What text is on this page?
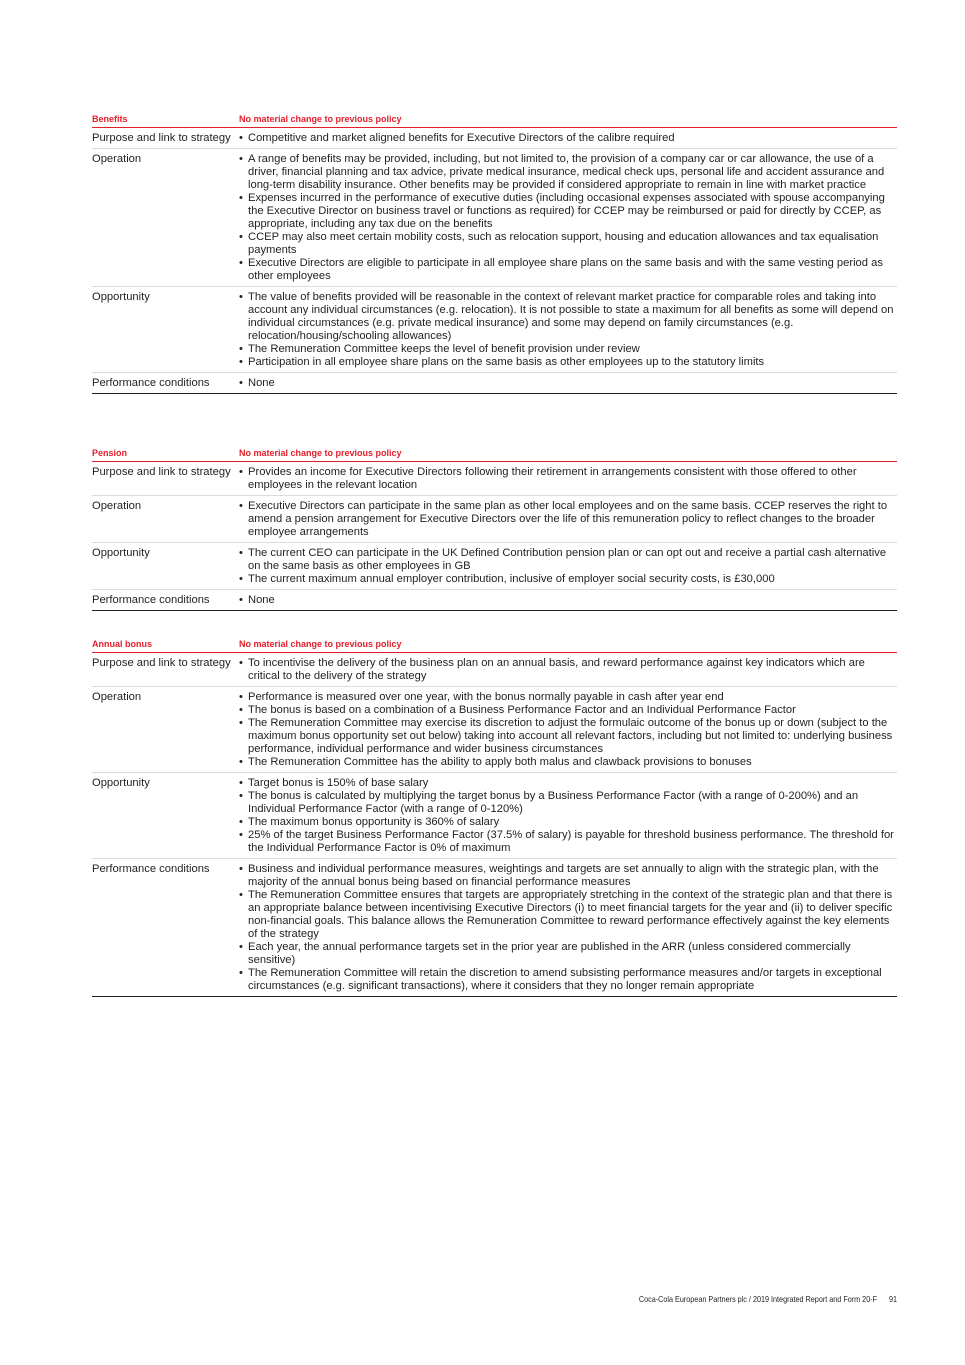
Benefits	No material change to previous policy
Purpose and link to strategy • Competitive and market aligned benefits for Executive Directors of the calibre required
Operation	• A range of benefits may be provided, including, but not limited to, the provision of a company car or car allowance, the use of a driver, financial planning and tax advice, private medical insurance, medical check ups, personal life and accident assurance and long-term disability insurance. Other benefits may be provided if considered appropriate to remain in line with market practice
• Expenses incurred in the performance of executive duties (including occasional expenses associated with spouse accompanying the Executive Director on business travel or functions as required) for CCEP may be reimbursed or paid for directly by CCEP, as appropriate, including any tax due on the benefits
• CCEP may also meet certain mobility costs, such as relocation support, housing and education allowances and tax equalisation payments
• Executive Directors are eligible to participate in all employee share plans on the same basis and with the same vesting period as other employees
Opportunity	• The value of benefits provided will be reasonable in the context of relevant market practice for comparable roles and taking into account any individual circumstances (e.g. relocation). It is not possible to state a maximum for all benefits as some will depend on individual circumstances (e.g. private medical insurance) and some may depend on family circumstances (e.g. relocation/housing/schooling allowances)
• The Remuneration Committee keeps the level of benefit provision under review
• Participation in all employee share plans on the same basis as other employees up to the statutory limits
Performance conditions	• None
Pension	No material change to previous policy
Purpose and link to strategy • Provides an income for Executive Directors following their retirement in arrangements consistent with those offered to other employees in the relevant location
Operation	• Executive Directors can participate in the same plan as other local employees and on the same basis. CCEP reserves the right to amend a pension arrangement for Executive Directors over the life of this remuneration policy to reflect changes to the broader employee arrangements
Opportunity	• The current CEO can participate in the UK Defined Contribution pension plan or can opt out and receive a partial cash alternative on the same basis as other employees in GB
• The current maximum annual employer contribution, inclusive of employer social security costs, is £30,000
Performance conditions	• None
Annual bonus	No material change to previous policy
Purpose and link to strategy • To incentivise the delivery of the business plan on an annual basis, and reward performance against key indicators which are critical to the delivery of the strategy
Operation	• Performance is measured over one year, with the bonus normally payable in cash after year end
• The bonus is based on a combination of a Business Performance Factor and an Individual Performance Factor
• The Remuneration Committee may exercise its discretion to adjust the formulaic outcome of the bonus up or down (subject to the maximum bonus opportunity set out below) taking into account all relevant factors, including but not limited to: underlying business performance, individual performance and wider business circumstances
• The Remuneration Committee has the ability to apply both malus and clawback provisions to bonuses
Opportunity	• Target bonus is 150% of base salary
• The bonus is calculated by multiplying the target bonus by a Business Performance Factor (with a range of 0-200%) and an Individual Performance Factor (with a range of 0-120%)
• The maximum bonus opportunity is 360% of salary
• 25% of the target Business Performance Factor (37.5% of salary) is payable for threshold business performance. The threshold for the Individual Performance Factor is 0% of maximum
Performance conditions	• Business and individual performance measures, weightings and targets are set annually to align with the strategic plan, with the majority of the annual bonus being based on financial performance measures
• The Remuneration Committee ensures that targets are appropriately stretching in the context of the strategic plan and that there is an appropriate balance between incentivising Executive Directors (i) to meet financial targets for the year and (ii) to deliver specific non-financial goals. This balance allows the Remuneration Committee to reward performance effectively against the key elements of the strategy
• Each year, the annual performance targets set in the prior year are published in the ARR (unless considered commercially sensitive)
• The Remuneration Committee will retain the discretion to amend subsisting performance measures and/or targets in exceptional circumstances (e.g. significant transactions), where it considers that they no longer remain appropriate
Coca-Cola European Partners plc / 2019 Integrated Report and Form 20-F 91
